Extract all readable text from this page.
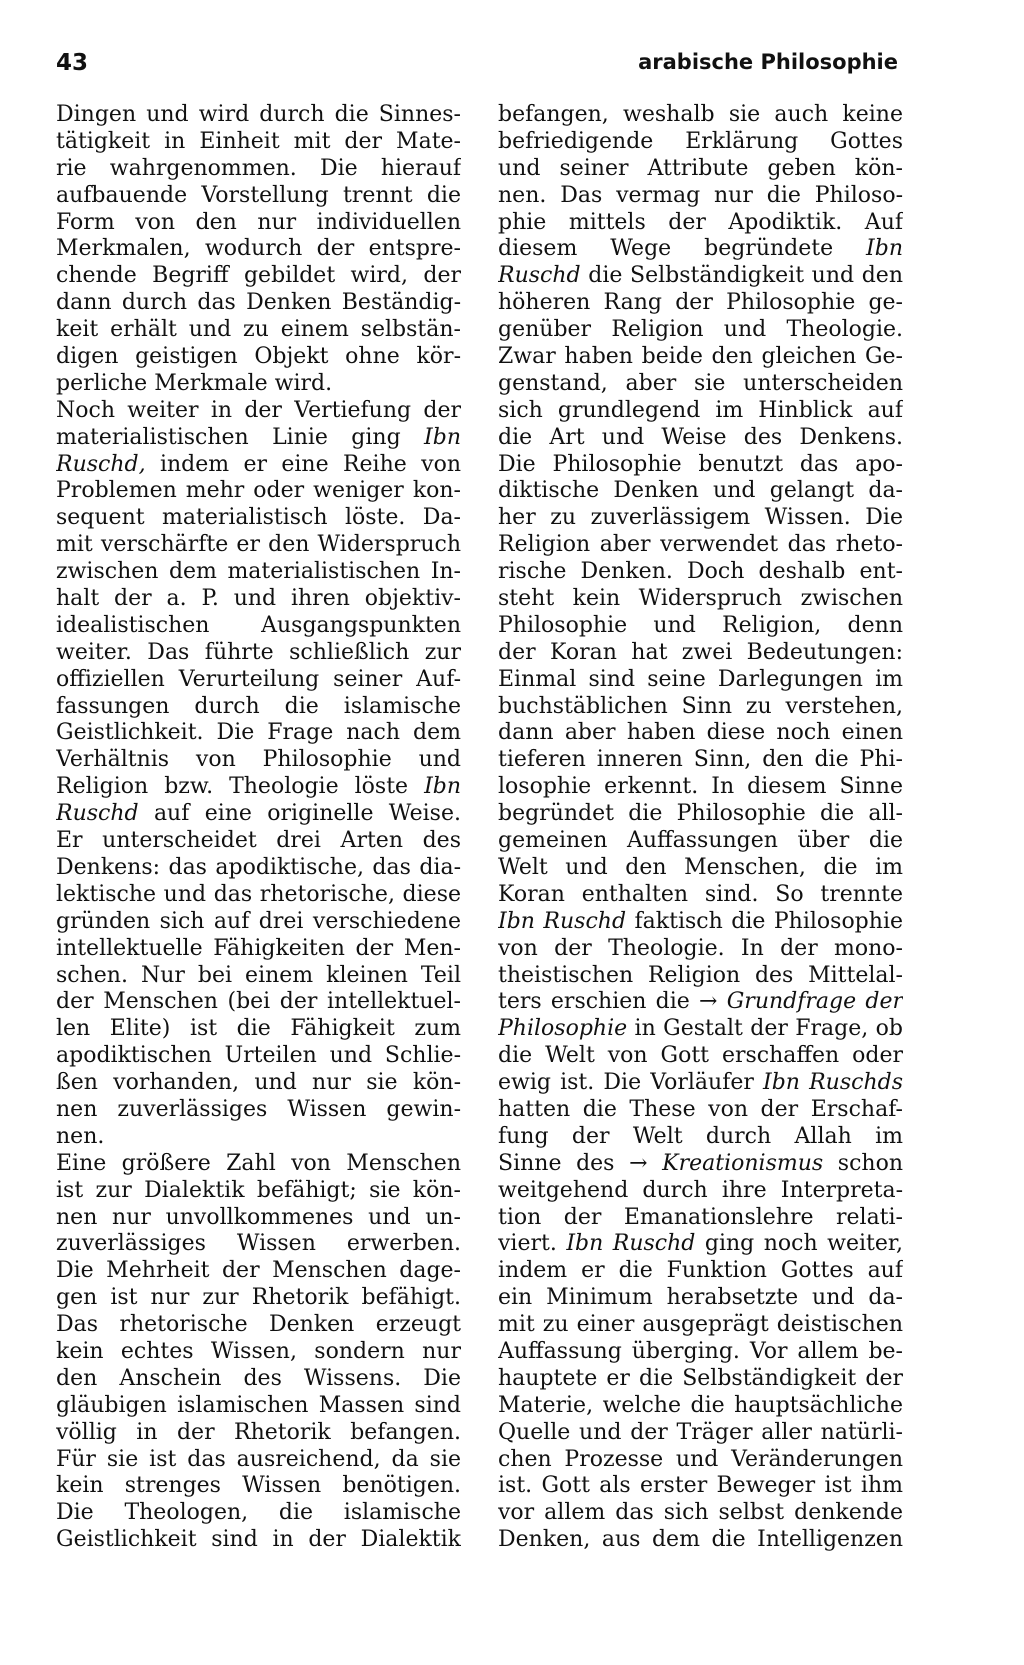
43	arabische Philosophie
Dingen und wird durch die Sinnes-
tätigkeit in Einheit mit der Mate-
rie wahrgenommen. Die hierauf
aufbauende Vorstellung trennt die
Form von den nur individuellen
Merkmalen, wodurch der entspre-
chende Begriff gebildet wird, der
dann durch das Denken Beständig-
keit erhält und zu einem selbstän-
digen geistigen Objekt ohne kör-
perliche Merkmale wird.
Noch weiter in der Vertiefung der
materialistischen Linie ging Ibn
Ruschd, indem er eine Reihe von
Problemen mehr oder weniger kon-
sequent materialistisch löste. Da-
mit verschärfte er den Widerspruch
zwischen dem materialistischen In-
halt der a. P. und ihren objektiv-
idealistischen Ausgangspunkten
weiter. Das führte schließlich zur
offiziellen Verurteilung seiner Auf-
fassungen durch die islamische
Geistlichkeit. Die Frage nach dem
Verhältnis von Philosophie und
Religion bzw. Theologie löste Ibn
Ruschd auf eine originelle Weise.
Er unterscheidet drei Arten des
Denkens: das apodiktische, das dia-
lektische und das rhetorische, diese
gründen sich auf drei verschiedene
intellektuelle Fähigkeiten der Men-
schen. Nur bei einem kleinen Teil
der Menschen (bei der intellektuel-
len Elite) ist die Fähigkeit zum
apodiktischen Urteilen und Schlie-
ßen vorhanden, und nur sie kön-
nen zuverlässiges Wissen gewin-
nen.
Eine größere Zahl von Menschen
ist zur Dialektik befähigt; sie kön-
nen nur unvollkommenes und un-
zuverlässiges Wissen erwerben.
Die Mehrheit der Menschen dage-
gen ist nur zur Rhetorik befähigt.
Das rhetorische Denken erzeugt
kein echtes Wissen, sondern nur
den Anschein des Wissens. Die
gläubigen islamischen Massen sind
völlig in der Rhetorik befangen.
Für sie ist das ausreichend, da sie
kein strenges Wissen benötigen.
Die Theologen, die islamische
Geistlichkeit sind in der Dialektik
befangen, weshalb sie auch keine
befriedigende Erklärung Gottes
und seiner Attribute geben kön-
nen. Das vermag nur die Philoso-
phie mittels der Apodiktik. Auf
diesem Wege begründete Ibn
Ruschd die Selbständigkeit und den
höheren Rang der Philosophie ge-
genüber Religion und Theologie.
Zwar haben beide den gleichen Ge-
genstand, aber sie unterscheiden
sich grundlegend im Hinblick auf
die Art und Weise des Denkens.
Die Philosophie benutzt das apo-
diktische Denken und gelangt da-
her zu zuverlässigem Wissen. Die
Religion aber verwendet das rheto-
rische Denken. Doch deshalb ent-
steht kein Widerspruch zwischen
Philosophie und Religion, denn
der Koran hat zwei Bedeutungen:
Einmal sind seine Darlegungen im
buchstäblichen Sinn zu verstehen,
dann aber haben diese noch einen
tieferen inneren Sinn, den die Phi-
losophie erkennt. In diesem Sinne
begründet die Philosophie die all-
gemeinen Auffassungen über die
Welt und den Menschen, die im
Koran enthalten sind. So trennte
Ibn Ruschd faktisch die Philosophie
von der Theologie. In der mono-
theistischen Religion des Mittelal-
ters erschien die → Grundfrage der
Philosophie in Gestalt der Frage, ob
die Welt von Gott erschaffen oder
ewig ist. Die Vorläufer Ibn Ruschds
hatten die These von der Erschaf-
fung der Welt durch Allah im
Sinne des → Kreationismus schon
weitgehend durch ihre Interpreta-
tion der Emanationslehre relati-
viert. Ibn Ruschd ging noch weiter,
indem er die Funktion Gottes auf
ein Minimum herabsetzte und da-
mit zu einer ausgeprägt deistischen
Auffassung überging. Vor allem be-
hauptete er die Selbständigkeit der
Materie, welche die hauptsächliche
Quelle und der Träger aller natürli-
chen Prozesse und Veränderungen
ist. Gott als erster Beweger ist ihm
vor allem das sich selbst denkende
Denken, aus dem die Intelligenzen
